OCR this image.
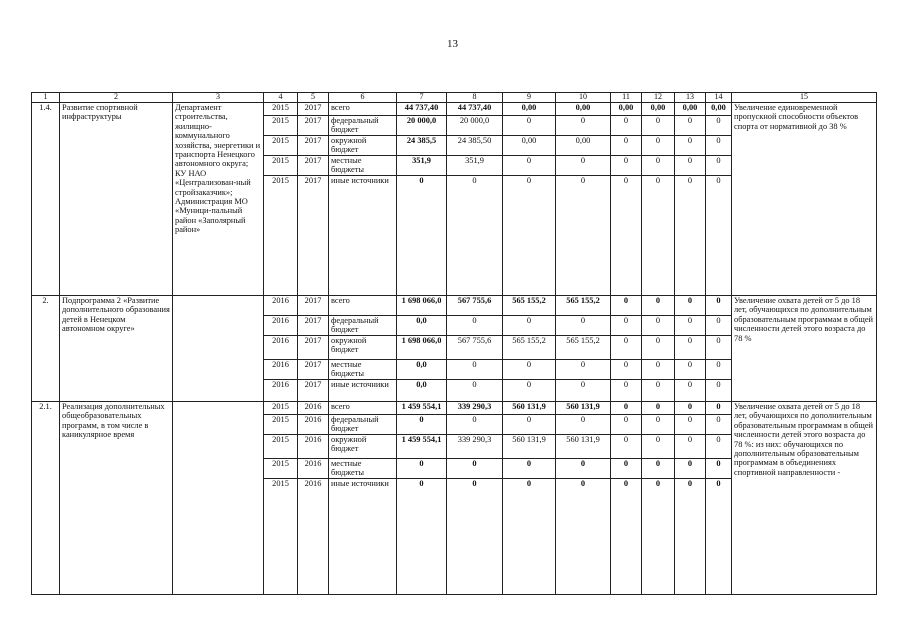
13
1	2	3	4	5	6	7	8	9	10	11	12	13	14	15
1.4.	Развитие спортивной инфраструктуры	Департамент строительства, жилищно-коммунального хозяйства, энергетики и транспорта Ненецкого автономного округа; КУ НАО «Централизован-ный стройзаказчик»; Администрация МО «Муници-пальный район «Заполярный район»	2015	2017	всего	44 737,40	44 737,40	0,00	0,00	0,00	0,00	0,00	0,00	Увеличение единовременной пропускной способности объектов спорта от нормативной до 38 %
			2015	2017	федеральный бюджет	20 000,0	20 000,0	0	0	0	0	0	0	
			2015	2017	окружной бюджет	24 385,5	24 385,50	0,00	0,00	0	0	0	0	
			2015	2017	местные бюджеты	351,9	351,9	0	0	0	0	0	0	
			2015	2017	иные источники	0	0	0	0	0	0	0	0	
2.	Подпрограмма 2 «Развитие дополнительного образования детей в Ненецком автономном округе»		2016	2017	всего	1 698 066,0	567 755,6	565 155,2	565 155,2	0	0	0	0	Увеличение охвата детей от 5 до 18 лет, обучающихся по дополнительным образовательным программам в общей численности детей этого возраста до 78 %
			2016	2017	федеральный бюджет	0,0	0	0	0	0	0	0	0	
			2016	2017	окружной бюджет	1 698 066,0	567 755,6	565 155,2	565 155,2	0	0	0	0	
			2016	2017	местные бюджеты	0,0	0	0	0	0	0	0	0	
			2016	2017	иные источники	0,0	0	0	0	0	0	0	0	
2.1.	Реализация дополнительных общеобразовательных программ, в том числе в каникулярное время		2015	2016	всего	1 459 554,1	339 290,3	560 131,9	560 131,9	0	0	0	0	Увеличение охвата детей от 5 до 18 лет, обучающихся по дополнительным образовательным программам в общей численности детей этого возраста до 78 %: из них: обучающихся по дополнительным образовательным программам в объединениях спортивной направленности -
			2015	2016	федеральный бюджет	0	0	0	0	0	0	0	0	
			2015	2016	окружной бюджет	1 459 554,1	339 290,3	560 131,9	560 131,9	0	0	0	0	
			2015	2016	местные бюджеты	0	0	0	0	0	0	0	0	
			2015	2016	иные источники	0	0	0	0	0	0	0	0	
